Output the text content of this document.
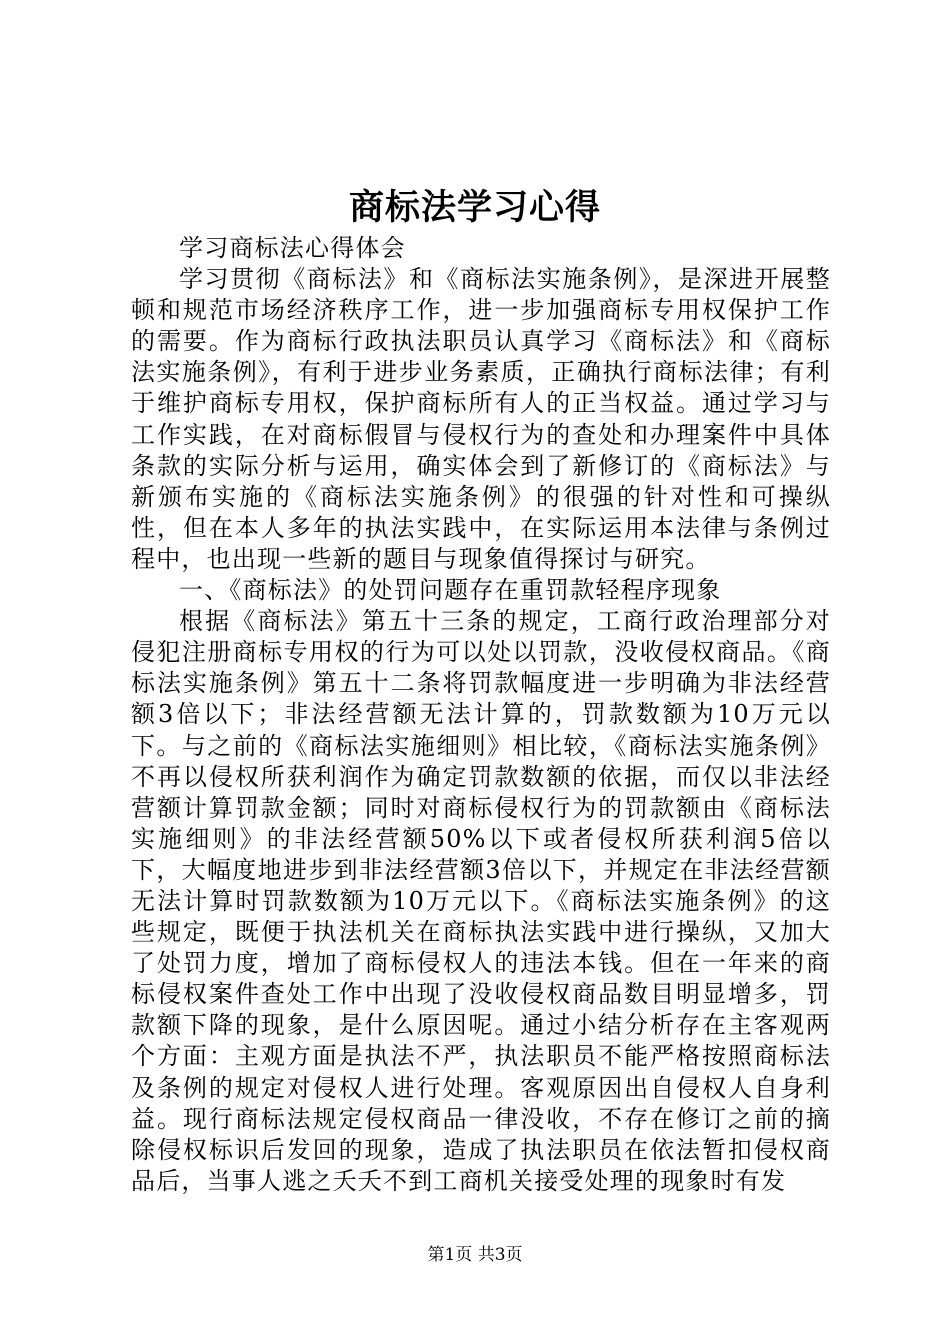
商标法学习心得

学习商标法心得体会

学习贯彻《商标法》和《商标法实施条例》，是深进开展整顿和规范市场经济秩序工作，进一步加强商标专用权保护工作的需要。作为商标行政执法职员认真学习《商标法》和《商标法实施条例》，有利于进步业务素质，正确执行商标法律；有利于维护商标专用权，保护商标所有人的正当权益。通过学习与工作实践，在对商标假冒与侵权行为的查处和办理案件中具体条款的实际分析与运用，确实体会到了新修订的《商标法》与新颁布实施的《商标法实施条例》的很强的针对性和可操纵性，但在本人多年的执法实践中，在实际运用本法律与条例过程中，也出现一些新的题目与现象值得探讨与研究。

一、《商标法》的处罚问题存在重罚款轻程序现象

根据《商标法》第五十三条的规定，工商行政治理部分对侵犯注册商标专用权的行为可以处以罚款，没收侵权商品。《商标法实施条例》第五十二条将罚款幅度进一步明确为非法经营额3倍以下；非法经营额无法计算的，罚款数额为10万元以下。与之前的《商标法实施细则》相比较，《商标法实施条例》不再以侵权所获利润作为确定罚款数额的依据，而仅以非法经营额计算罚款金额；同时对商标侵权行为的罚款额由《商标法实施细则》的非法经营额50%以下或者侵权所获利润5倍以下，大幅度地进步到非法经营额3倍以下，并规定在非法经营额无法计算时罚款数额为10万元以下。《商标法实施条例》的这些规定，既便于执法机关在商标执法实践中进行操纵，又加大了处罚力度，增加了商标侵权人的违法本钱。但在一年来的商标侵权案件查处工作中出现了没收侵权商品数目明显增多，罚款额下降的现象，是什么原因呢。通过小结分析存在主客观两个方面：主观方面是执法不严，执法职员不能严格按照商标法及条例的规定对侵权人进行处理。客观原因出自侵权人自身利益。现行商标法规定侵权商品一律没收，不存在修订之前的摘除侵权标识后发回的现象，造成了执法职员在依法暂扣侵权商品后，当事人逃之夭夭不到工商机关接受处理的现象时有发

第1页 共3页
